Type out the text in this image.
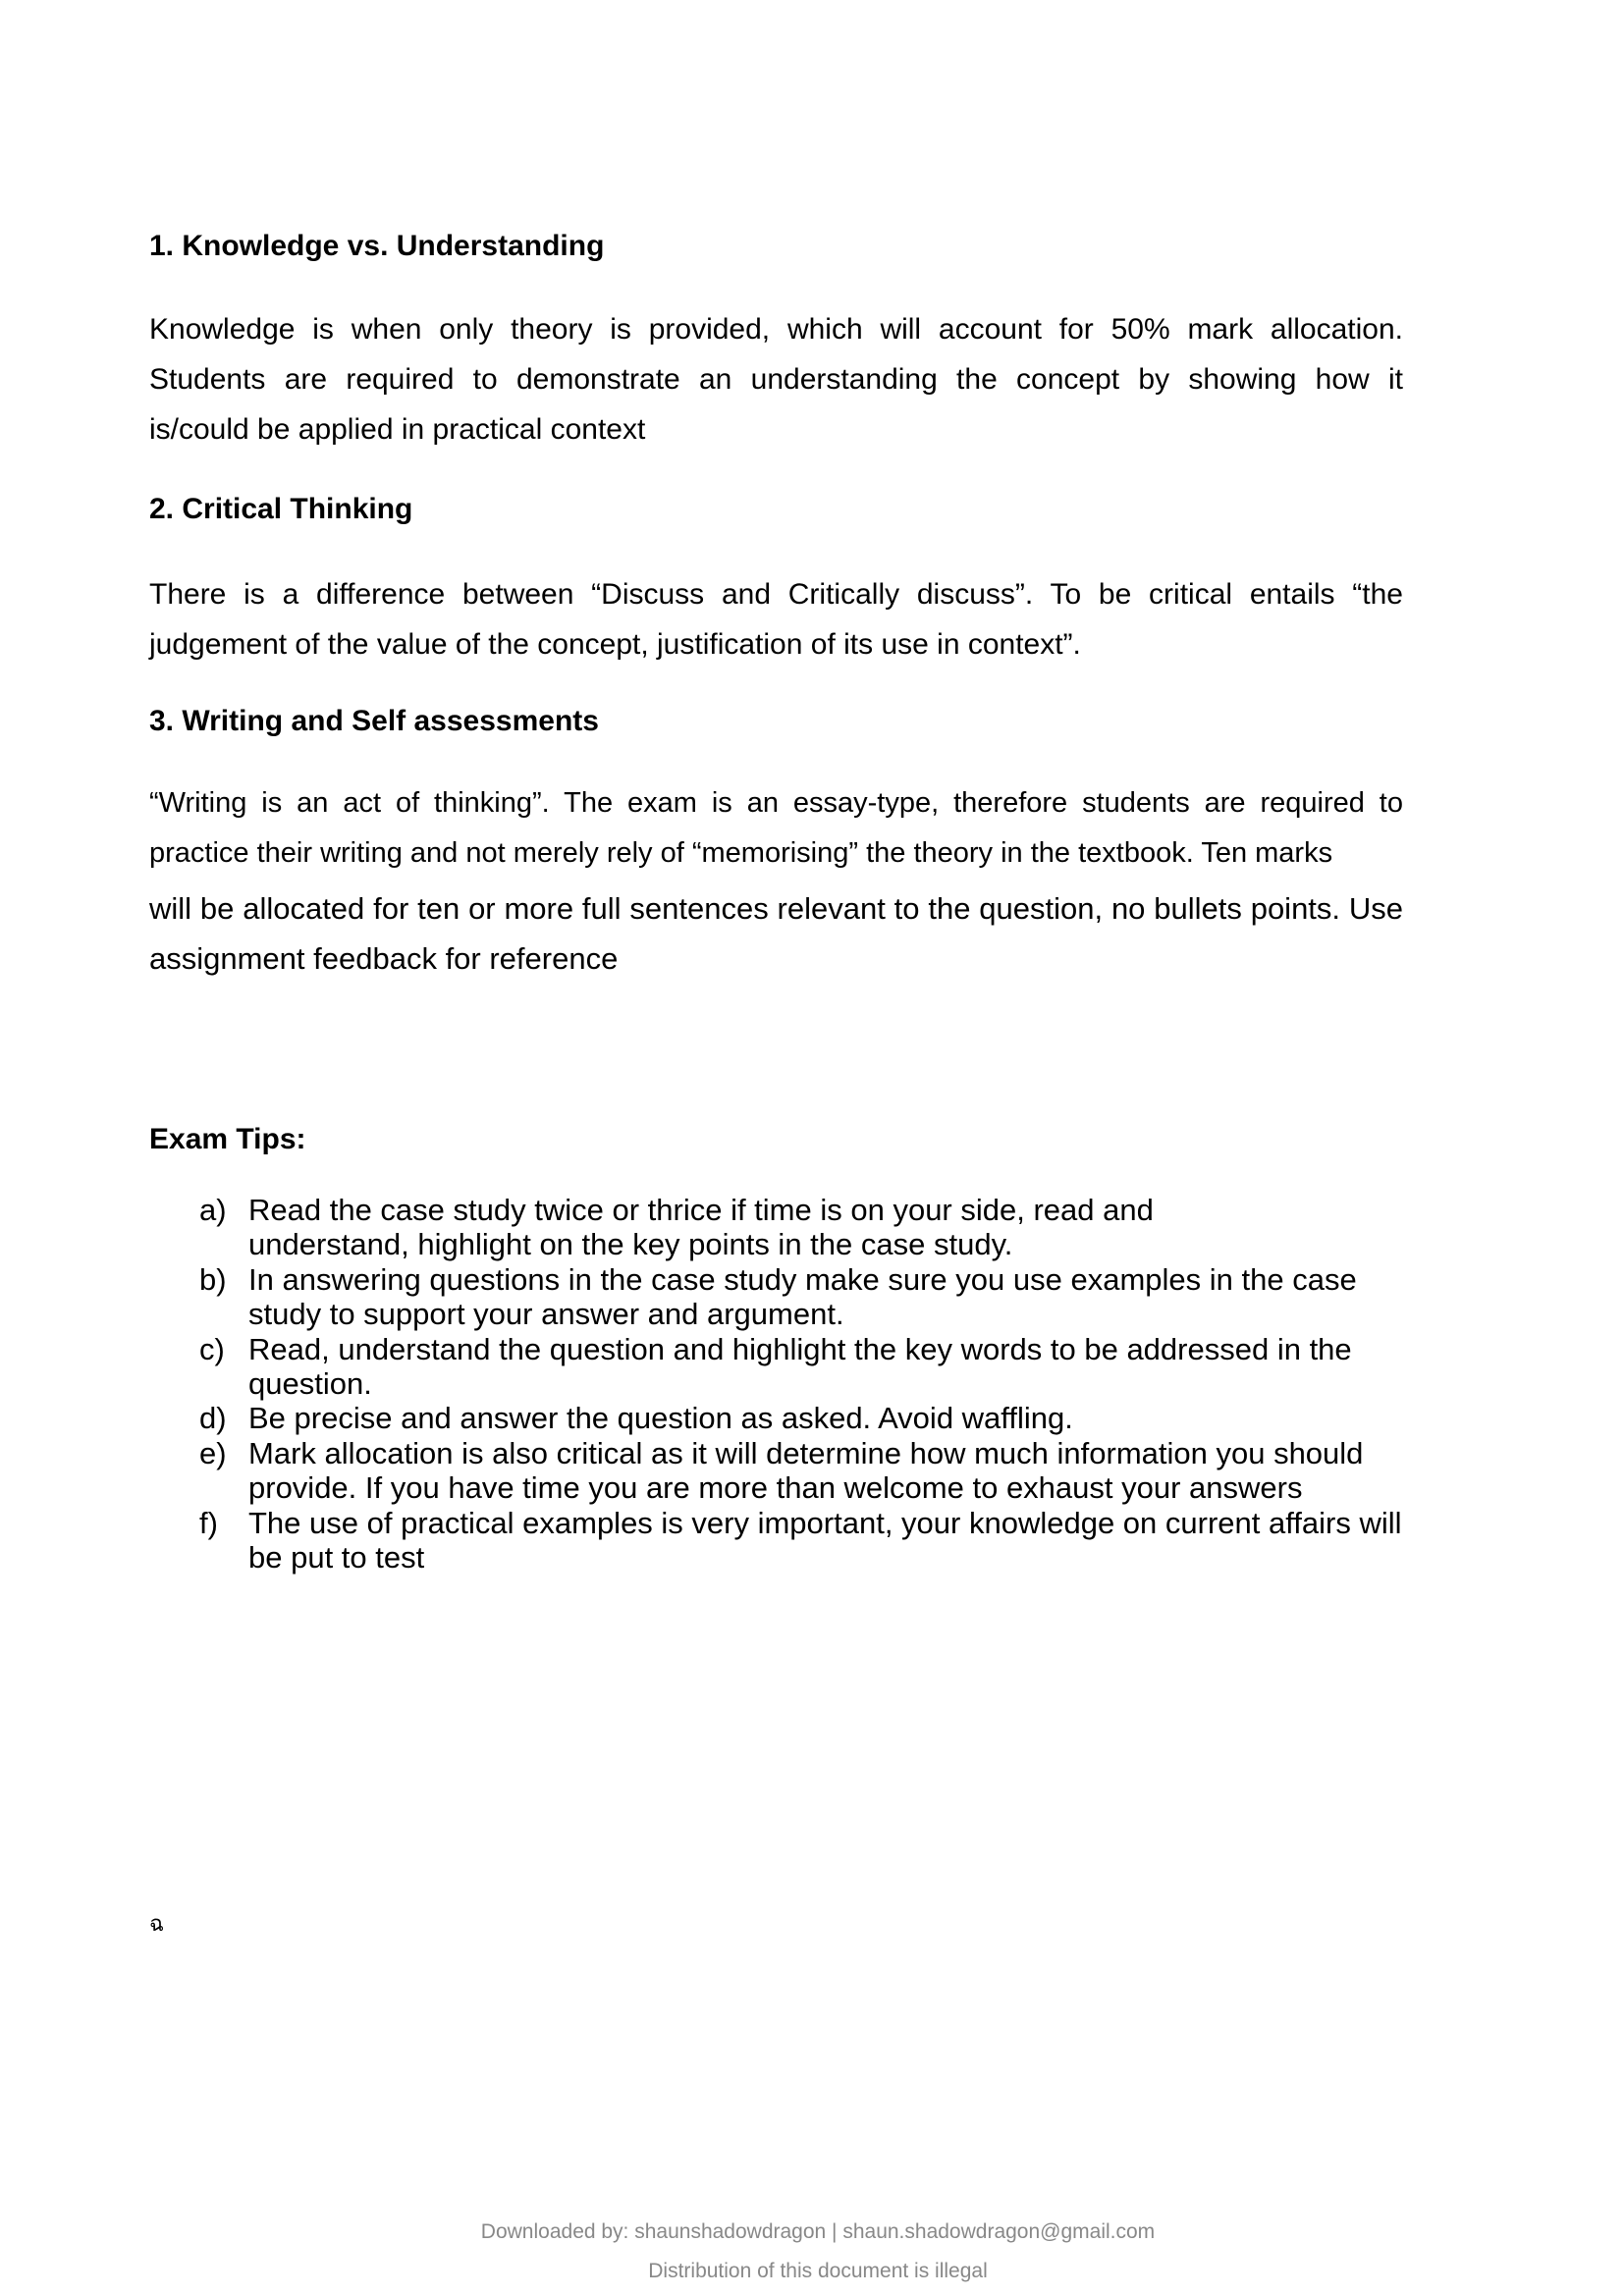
1. Knowledge vs. Understanding
Knowledge is when only theory is provided, which will account for 50% mark allocation.
Students are required to demonstrate an understanding the concept by showing how it
is/could be applied in practical context
2. Critical Thinking
There is a difference between “Discuss and Critically discuss”. To be critical entails “the
judgement of the value of the concept, justification of its use in context”.
3. Writing and Self assessments
“Writing is an act of thinking”. The exam is an essay-type, therefore students are required to
practice their writing and not merely rely of “memorising” the theory in the textbook. Ten marks
will be allocated for ten or more full sentences relevant to the question, no bullets points. Use
assignment feedback for reference
Exam Tips:
a) Read the case study twice or thrice if time is on your side, read and
understand, highlight on the key points in the case study.
b) In answering questions in the case study make sure you use examples in the case
study to support your answer and argument.
c) Read, understand the question and highlight the key words to be addressed in the
question.
d) Be precise and answer the question as asked. Avoid waffling.
e) Mark allocation is also critical as it will determine how much information you should
provide. If you have time you are more than welcome to exhaust your answers
f)	The use of practical examples is very important, your knowledge on current affairs will
be put to test
ฉ
Downloaded by: shaunshadowdragon | shaun.shadowdragon@gmail.com
Distribution of this document is illegal
